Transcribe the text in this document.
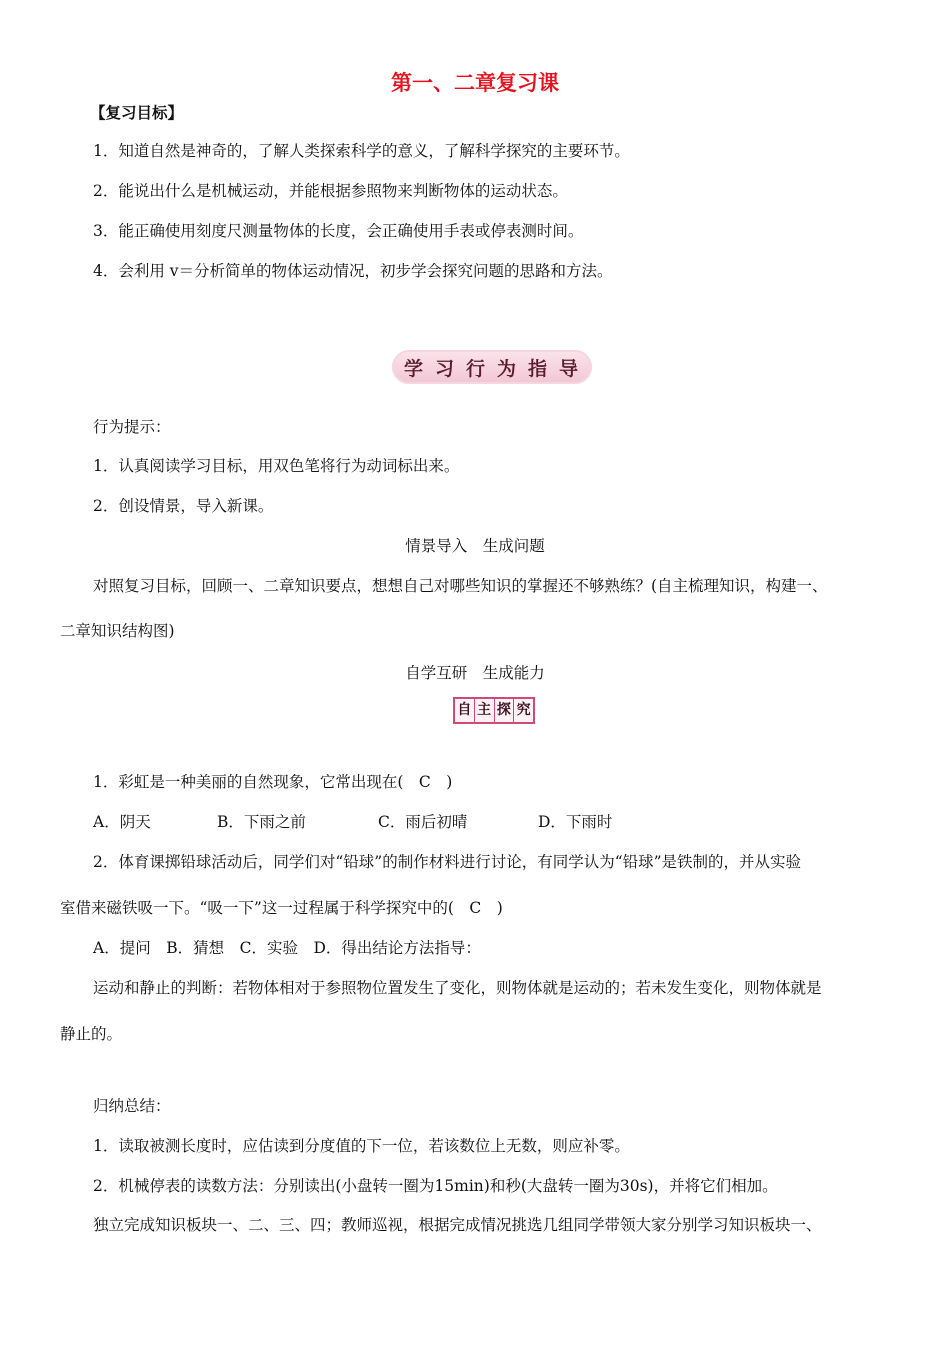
第一、二章复习课
【复习目标】
1．知道自然是神奇的，了解人类探索科学的意义，了解科学探究的主要环节。
2．能说出什么是机械运动，并能根据参照物来判断物体的运动状态。
3．能正确使用刻度尺测量物体的长度，会正确使用手表或停表测时间。
4．会利用 v＝分析简单的物体运动情况，初步学会探究问题的思路和方法。
学 习 行 为 指 导
行为提示：
1．认真阅读学习目标，用双色笔将行为动词标出来。
2．创设情景，导入新课。
情景导入　生成问题
对照复习目标，回顾一、二章知识要点，想想自己对哪些知识的掌握还不够熟练？(自主梳理知识，构建一、
二章知识结构图)
自学互研　生成能力
自 主 探 究
1．彩虹是一种美丽的自然现象，它常出现在(　C　)
A．阴天	B．下雨之前	C．雨后初晴	D．下雨时
2．体育课掷铅球活动后，同学们对“铅球”的制作材料进行讨论，有同学认为“铅球”是铁制的，并从实验
室借来磁铁吸一下。“吸一下”这一过程属于科学探究中的(　C　)
A．提问　B．猜想　C．实验　D．得出结论方法指导：
运动和静止的判断：若物体相对于参照物位置发生了变化，则物体就是运动的；若未发生变化，则物体就是
静止的。
归纳总结：
1．读取被测长度时，应估读到分度值的下一位，若该数位上无数，则应补零。
2．机械停表的读数方法：分别读出(小盘转一圈为15min)和秒(大盘转一圈为30s)，并将它们相加。
独立完成知识板块一、二、三、四；教师巡视，根据完成情况挑选几组同学带领大家分别学习知识板块一、
